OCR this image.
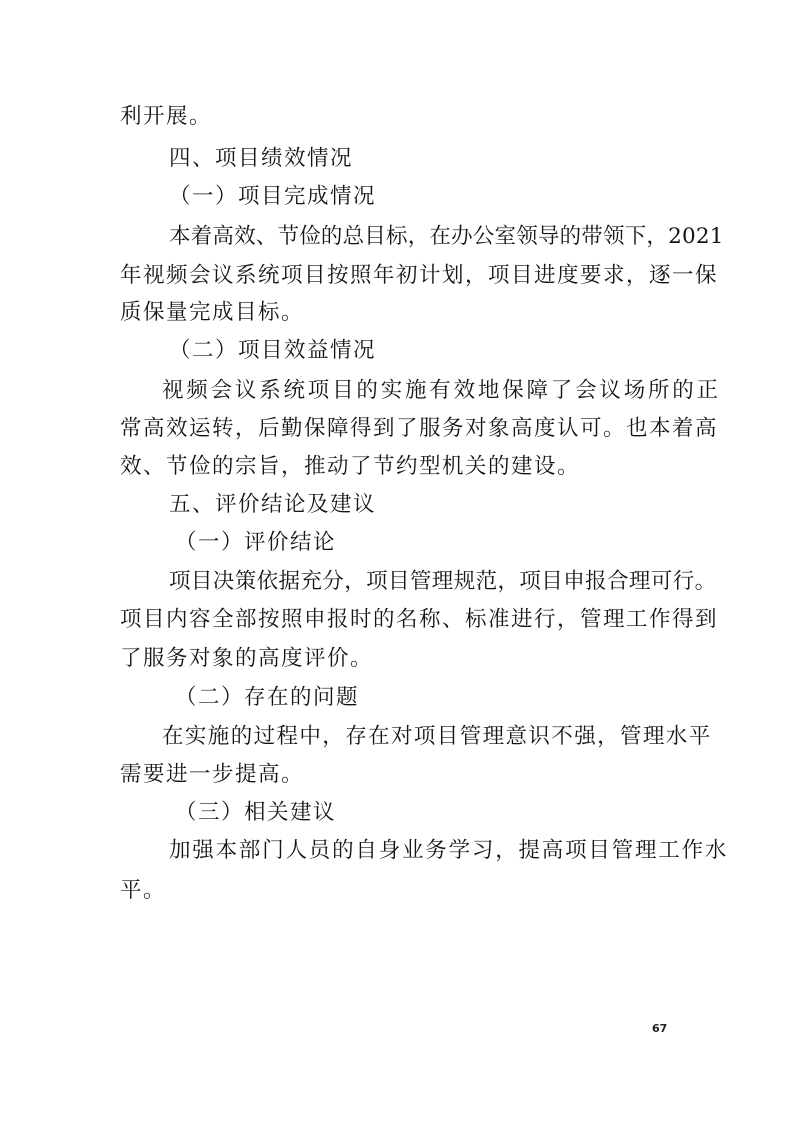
利开展。
四、项目绩效情况
（一）项目完成情况
本着高效、节俭的总目标，在办公室领导的带领下，2021
年视频会议系统项目按照年初计划，项目进度要求，逐一保
质保量完成目标。
（二）项目效益情况
视频会议系统项目的实施有效地保障了会议场所的正
常高效运转，后勤保障得到了服务对象高度认可。也本着高
效、节俭的宗旨，推动了节约型机关的建设。
五、评价结论及建议
（一）评价结论
项目决策依据充分，项目管理规范，项目申报合理可行。
项目内容全部按照申报时的名称、标准进行，管理工作得到
了服务对象的高度评价。
（二）存在的问题
在实施的过程中，存在对项目管理意识不强，管理水平
需要进一步提高。
（三）相关建议
加强本部门人员的自身业务学习，提高项目管理工作水
平。
67
